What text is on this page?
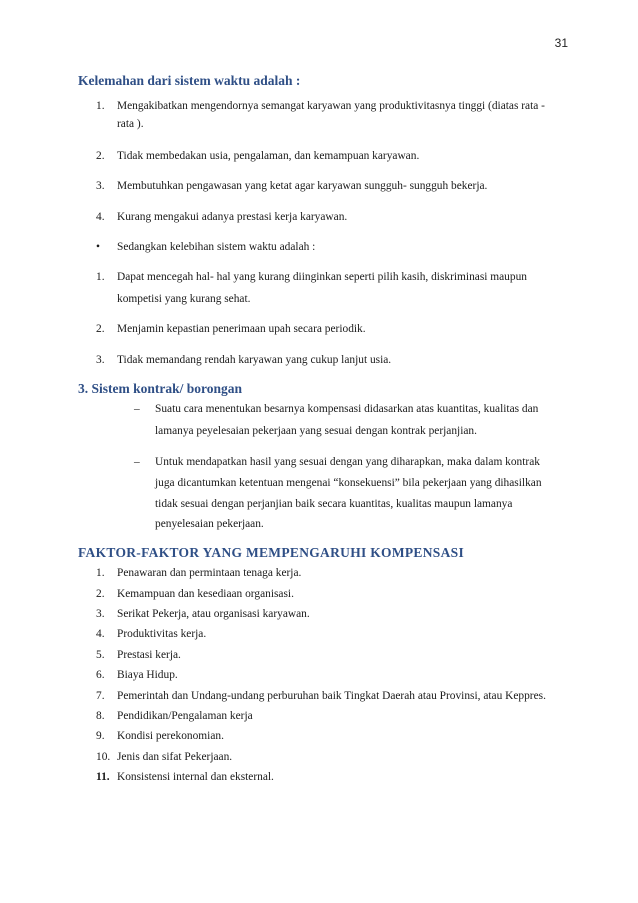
31
Kelemahan dari sistem waktu adalah :
1. Mengakibatkan mengendornya semangat karyawan yang produktivitasnya tinggi (diatas rata -
rata ).
2. Tidak membedakan usia, pengalaman, dan kemampuan karyawan.
3. Membutuhkan pengawasan yang ketat agar karyawan sungguh- sungguh bekerja.
4. Kurang mengakui adanya prestasi kerja karyawan.
• Sedangkan kelebihan sistem waktu adalah :
1. Dapat mencegah hal- hal yang kurang diinginkan seperti pilih kasih, diskriminasi maupun
kompetisi yang kurang sehat.
2. Menjamin kepastian penerimaan upah secara periodik.
3. Tidak memandang rendah karyawan yang cukup lanjut usia.
3. Sistem kontrak/ borongan
– Suatu cara menentukan besarnya kompensasi didasarkan atas kuantitas, kualitas dan
lamanya peyelesaian pekerjaan yang sesuai dengan kontrak perjanjian.
– Untuk mendapatkan hasil yang sesuai dengan yang diharapkan, maka dalam kontrak
juga dicantumkan ketentuan mengenai “konsekuensi” bila pekerjaan yang dihasilkan
tidak sesuai dengan perjanjian baik secara kuantitas, kualitas maupun lamanya
penyelesaian pekerjaan.
FAKTOR-FAKTOR YANG MEMPENGARUHI KOMPENSASI
1. Penawaran dan permintaan tenaga kerja.
2. Kemampuan dan kesediaan organisasi.
3. Serikat Pekerja, atau organisasi karyawan.
4. Produktivitas kerja.
5. Prestasi kerja.
6. Biaya Hidup.
7. Pemerintah dan Undang-undang perburuhan baik Tingkat Daerah atau Provinsi, atau Keppres.
8. Pendidikan/Pengalaman kerja
9. Kondisi perekonomian.
10. Jenis dan sifat Pekerjaan.
11. Konsistensi internal dan eksternal.
